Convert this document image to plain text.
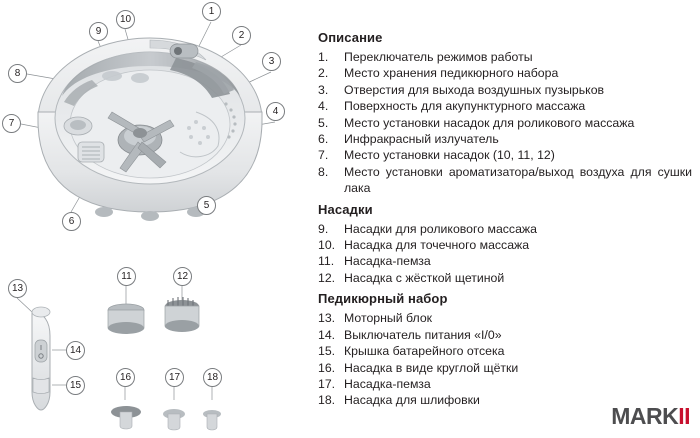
1
2
3
4
5
6
7
8
9
10
11	12
13
14
15
16	17	18
Описание
1.	Переключатель режимов работы
2.	Место хранения педикюрного набора
3.	Отверстия для выхода воздушных пузырьков
4.	Поверхность для акупунктурного массажа
5.	Место установки насадок для роликового массажа
6.	Инфракрасный излучатель
7.	Место установки насадок (10, 11, 12)
8.	Место установки ароматизатора/выход воздуха для сушки лака
Насадки
9.	Насадки для роликового массажа
10. Насадка для точечного массажа
11. Насадка-пемза
12. Насадка с жёсткой щетиной
Педикюрный набор
13. Моторный блок
14. Выключатель питания «I/0»
15. Крышка батарейного отсека
16. Насадка в виде круглой щётки
17. Насадка-пемза
18. Насадка для шлифовки
MARKII
